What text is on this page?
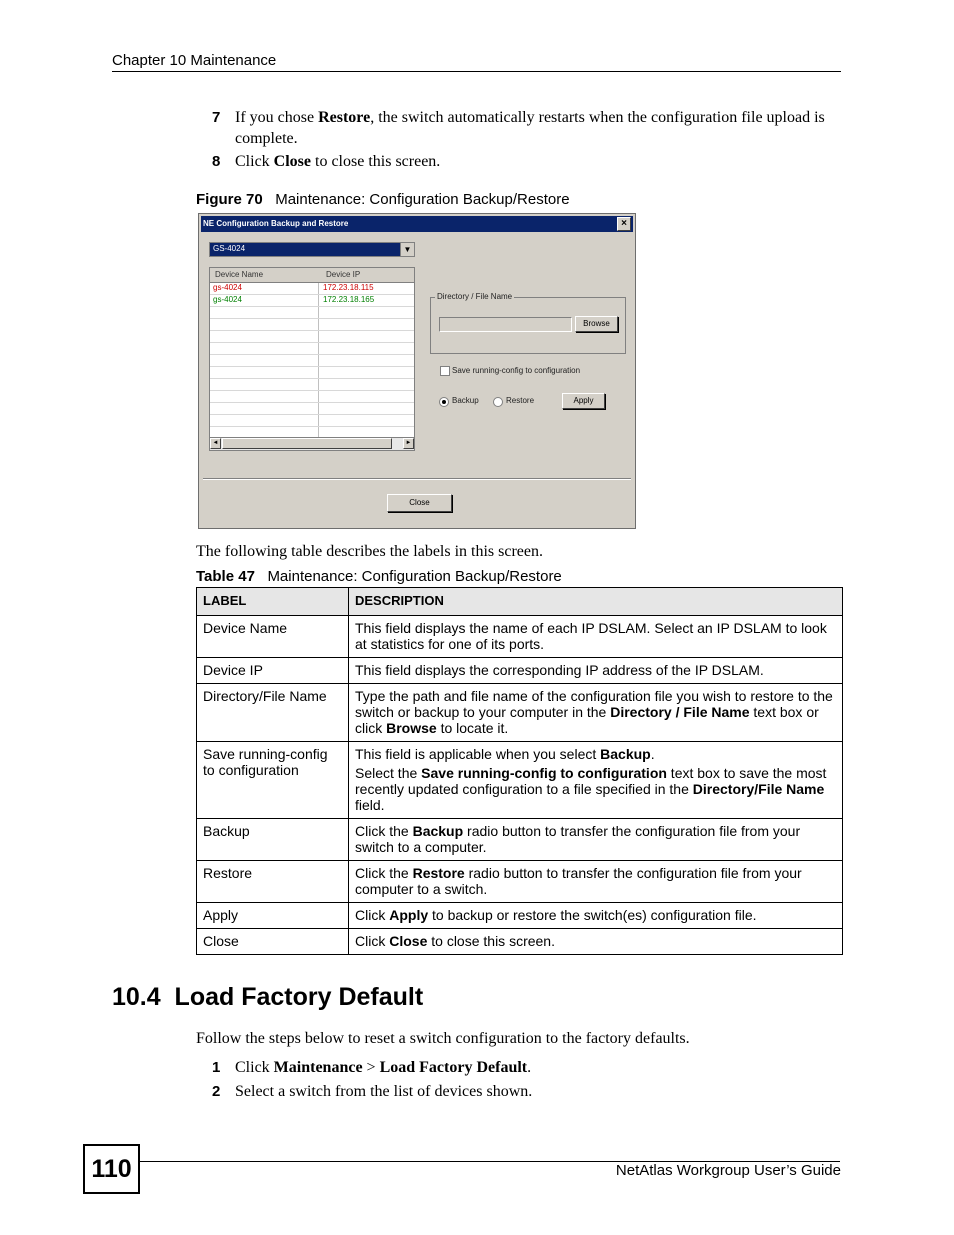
Chapter 10 Maintenance
7 If you chose Restore, the switch automatically restarts when the configuration file upload is complete.
8 Click Close to close this screen.
Figure 70 Maintenance: Configuration Backup/Restore
NE Configuration Backup and Restore	×
GS-4024	▼
Device Name	Device IP
gs-4024	172.23.18.115
gs-4024	172.23.18.165
◄	►
Directory / File Name
Browse
Save running-config to configuration
Backup	Restore	Apply
Close
The following table describes the labels in this screen.
Table 47 Maintenance: Configuration Backup/Restore
LABEL	DESCRIPTION
Device Name	This field displays the name of each IP DSLAM. Select an IP DSLAM to look at statistics for one of its ports.
Device IP	This field displays the corresponding IP address of the IP DSLAM.
Directory/File Name	Type the path and file name of the configuration file you wish to restore to the switch or backup to your computer in the Directory / File Name text box or click Browse to locate it.
Save running-config to configuration	This field is applicable when you select Backup.

Select the Save running-config to configuration text box to save the most recently updated configuration to a file specified in the Directory/File Name field.

Backup	Click the Backup radio button to transfer the configuration file from your switch to a computer.
Restore	Click the Restore radio button to transfer the configuration file from your computer to a switch.
Apply	Click Apply to backup or restore the switch(es) configuration file.
Close	Click Close to close this screen.
10.4  Load Factory Default
Follow the steps below to reset a switch configuration to the factory defaults.
1 Click Maintenance > Load Factory Default.
2 Select a switch from the list of devices shown.
110	NetAtlas Workgroup User’s Guide
